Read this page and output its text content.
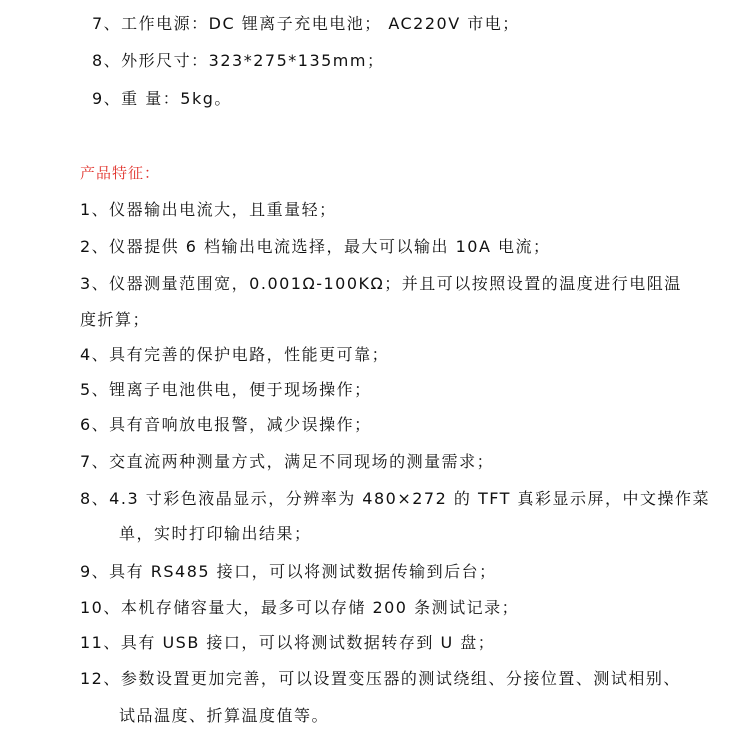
7、工作电源：DC 锂离子充电电池； AC220V 市电；
8、外形尺寸：323*275*135mm；
9、重 量：5kg。
产品特征：
1、仪器输出电流大，且重量轻；
2、仪器提供 6 档输出电流选择，最大可以输出 10A 电流；
3、仪器测量范围宽，0.001Ω-100KΩ；并且可以按照设置的温度进行电阻温
度折算；
4、具有完善的保护电路，性能更可靠；
5、锂离子电池供电，便于现场操作；
6、具有音响放电报警，减少误操作；
7、交直流两种测量方式，满足不同现场的测量需求；
8、4.3 寸彩色液晶显示，分辨率为 480×272 的 TFT 真彩显示屏，中文操作菜
单，实时打印输出结果；
9、具有 RS485 接口，可以将测试数据传输到后台；
10、本机存储容量大，最多可以存储 200 条测试记录；
11、具有 USB 接口，可以将测试数据转存到 U 盘；
12、参数设置更加完善，可以设置变压器的测试绕组、分接位置、测试相别、
试品温度、折算温度值等。
